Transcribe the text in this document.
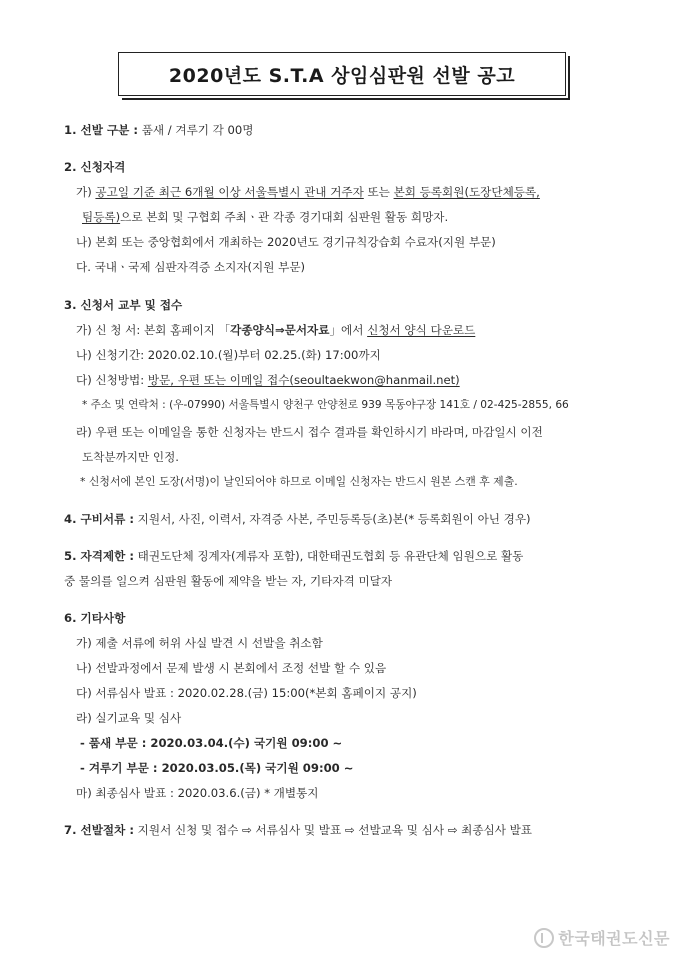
2020년도 S.T.A 상임심판원 선발 공고
1. 선발 구분 : 품새 / 겨루기 각 00명
2. 신청자격
가) 공고일 기준 최근 6개월 이상 서울특별시 관내 거주자 또는 본회 등록회원(도장단체등록,
팀등록)으로 본회 및 구협회 주최ㆍ관 각종 경기대회 심판원 활동 희망자.
나) 본회 또는 중앙협회에서 개최하는 2020년도 경기규칙강습회 수료자(지원 부문)
다. 국내ㆍ국제 심판자격증 소지자(지원 부문)
3. 신청서 교부 및 접수
가) 신 청 서: 본회 홈페이지 「각종양식⇒문서자료」에서 신청서 양식 다운로드
나) 신청기간: 2020.02.10.(월)부터 02.25.(화) 17:00까지
다) 신청방법: 방문, 우편 또는 이메일 접수(seoultaekwon@hanmail.net)
* 주소 및 연락처 : (우-07990) 서울특별시 양천구 안양천로 939 목동야구장 141호 / 02-425-2855, 66
라) 우편 또는 이메일을 통한 신청자는 반드시 접수 결과를 확인하시기 바라며, 마감일시 이전
도착분까지만 인정.
* 신청서에 본인 도장(서명)이 날인되어야 하므로 이메일 신청자는 반드시 원본 스캔 후 제출.
4. 구비서류 : 지원서, 사진, 이력서, 자격증 사본, 주민등록등(초)본(* 등록회원이 아닌 경우)
5. 자격제한 : 태권도단체 징계자(계류자 포함), 대한태권도협회 등 유관단체 임원으로 활동
중 물의를 일으켜 심판원 활동에 제약을 받는 자, 기타자격 미달자
6. 기타사항
가) 제출 서류에 허위 사실 발견 시 선발을 취소함
나) 선발과정에서 문제 발생 시 본회에서 조정 선발 할 수 있음
다) 서류심사 발표 : 2020.02.28.(금) 15:00(*본회 홈페이지 공지)
라) 실기교육 및 심사
- 품새 부문 : 2020.03.04.(수) 국기원 09:00 ~
- 겨루기 부문 : 2020.03.05.(목) 국기원 09:00 ~
마) 최종심사 발표 : 2020.03.6.(금) * 개별통지
7. 선발절차 : 지원서 신청 및 접수 ⇨ 서류심사 및 발표 ⇨ 선발교육 및 심사 ⇨ 최종심사 발표
한국태권도신문
